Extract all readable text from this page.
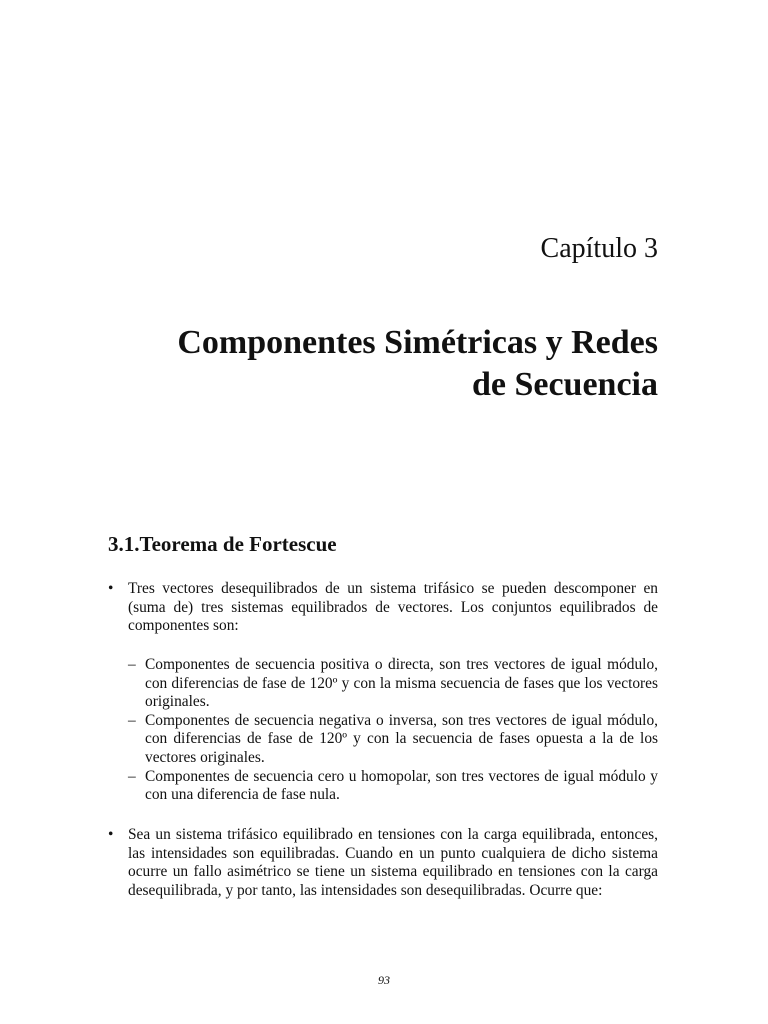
Capítulo 3
Componentes Simétricas y Redes
de Secuencia
3.1.Teorema de Fortescue
• Tres vectores desequilibrados de un sistema trifásico se pueden descomponer en (suma de) tres sistemas equilibrados de vectores. Los conjuntos equilibrados de componentes son:
– Componentes de secuencia positiva o directa, son tres vectores de igual módulo, con diferencias de fase de 120º y con la misma secuencia de fases que los vectores originales.
– Componentes de secuencia negativa o inversa, son tres vectores de igual módulo, con diferencias de fase de 120º y con la secuencia de fases opuesta a la de los vectores originales.
– Componentes de secuencia cero u homopolar, son tres vectores de igual módulo y con una diferencia de fase nula.
• Sea un sistema trifásico equilibrado en tensiones con la carga equilibrada, entonces, las intensidades son equilibradas. Cuando en un punto cualquiera de dicho sistema ocurre un fallo asimétrico se tiene un sistema equilibrado en tensiones con la carga desequilibrada, y por tanto, las intensidades son desequilibradas. Ocurre que:
93
